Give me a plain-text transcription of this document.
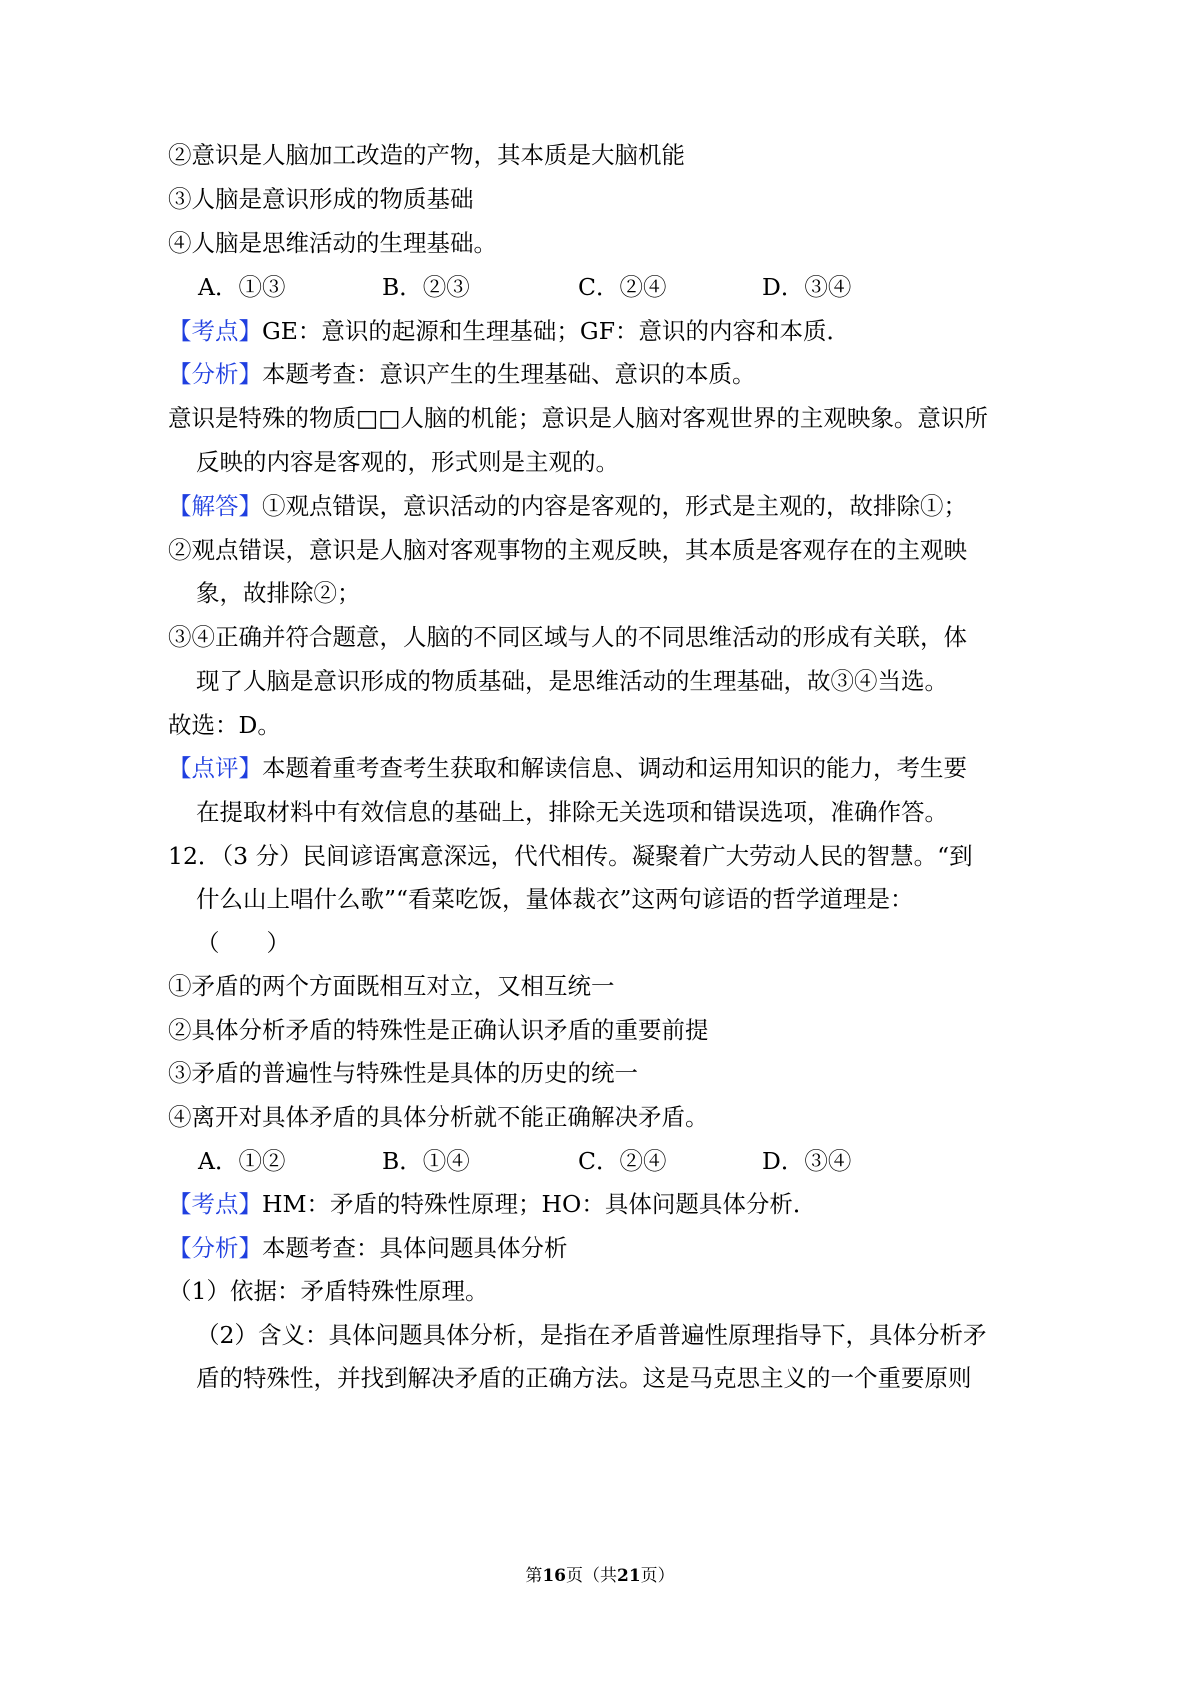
②意识是人脑加工改造的产物，其本质是大脑机能
③人脑是意识形成的物质基础
④人脑是思维活动的生理基础。
A．①③	B．②③	C．②④	D．③④
【考点】GE：意识的起源和生理基础；GF：意识的内容和本质．
【分析】本题考查：意识产生的生理基础、意识的本质。
意识是特殊的物质□□人脑的机能；意识是人脑对客观世界的主观映象。意识所
反映的内容是客观的，形式则是主观的。
【解答】①观点错误，意识活动的内容是客观的，形式是主观的，故排除①；
②观点错误，意识是人脑对客观事物的主观反映，其本质是客观存在的主观映
象，故排除②；
③④正确并符合题意，人脑的不同区域与人的不同思维活动的形成有关联，体
现了人脑是意识形成的物质基础，是思维活动的生理基础，故③④当选。
故选：D。
【点评】本题着重考查考生获取和解读信息、调动和运用知识的能力，考生要
在提取材料中有效信息的基础上，排除无关选项和错误选项，准确作答。
12．（3 分）民间谚语寓意深远，代代相传。凝聚着广大劳动人民的智慧。“到
什么山上唱什么歌”“看菜吃饭，量体裁衣”这两句谚语的哲学道理是：
（　　）
①矛盾的两个方面既相互对立，又相互统一
②具体分析矛盾的特殊性是正确认识矛盾的重要前提
③矛盾的普遍性与特殊性是具体的历史的统一
④离开对具体矛盾的具体分析就不能正确解决矛盾。
A．①②	B．①④	C．②④	D．③④
【考点】HM：矛盾的特殊性原理；HO：具体问题具体分析．
【分析】本题考查：具体问题具体分析
（1）依据：矛盾特殊性原理。
（2）含义：具体问题具体分析，是指在矛盾普遍性原理指导下，具体分析矛
盾的特殊性，并找到解决矛盾的正确方法。这是马克思主义的一个重要原则
第16页（共21页）
